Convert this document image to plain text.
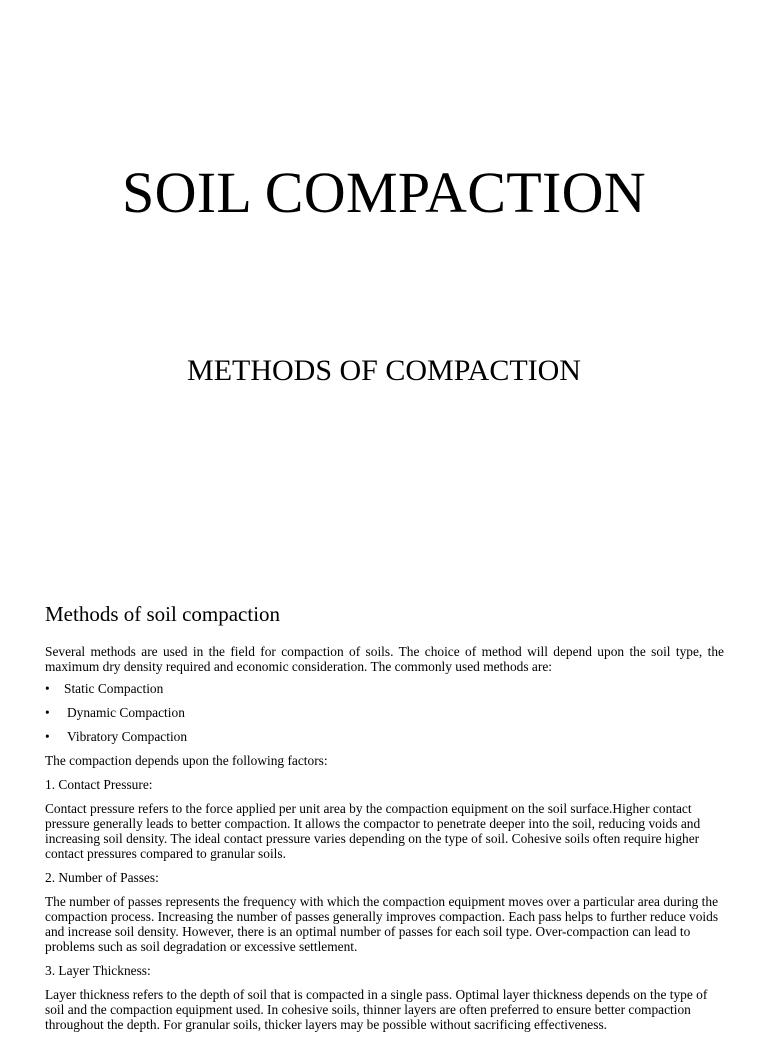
SOIL COMPACTION
METHODS OF COMPACTION
Methods of soil compaction

Several methods are used in the field for compaction of soils. The choice of method will depend upon the soil type, the maximum dry density required and economic consideration. The commonly used methods are:

• Static Compaction
• Dynamic Compaction
• Vibratory Compaction

The compaction depends upon the following factors:

1. Contact Pressure:

Contact pressure refers to the force applied per unit area by the compaction equipment on the soil surface.Higher contact pressure generally leads to better compaction. It allows the compactor to penetrate deeper into the soil, reducing voids and increasing soil density. The ideal contact pressure varies depending on the type of soil. Cohesive soils often require higher contact pressures compared to granular soils.

2. Number of Passes:

The number of passes represents the frequency with which the compaction equipment moves over a particular area during the compaction process. Increasing the number of passes generally improves compaction. Each pass helps to further reduce voids and increase soil density. However, there is an optimal number of passes for each soil type. Over-compaction can lead to problems such as soil degradation or excessive settlement.

3. Layer Thickness:

Layer thickness refers to the depth of soil that is compacted in a single pass. Optimal layer thickness depends on the type of soil and the compaction equipment used. In cohesive soils, thinner layers are often preferred to ensure better compaction throughout the depth. For granular soils, thicker layers may be possible without sacrificing effectiveness.
